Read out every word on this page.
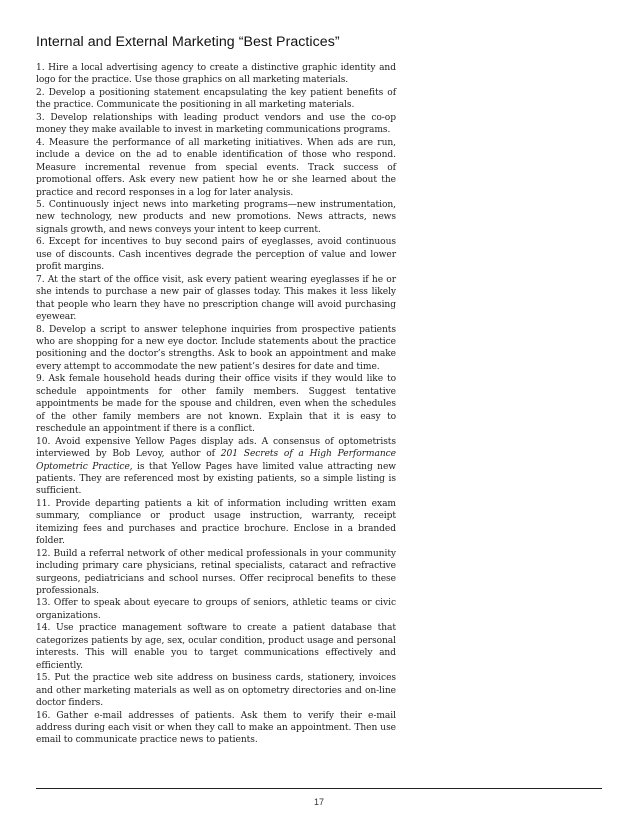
Internal and External Marketing “Best Practices”

1. Hire a local advertising agency to create a distinctive graphic identity and logo for the practice. Use those graphics on all marketing materials.

2. Develop a positioning statement encapsulating the key patient benefits of the practice. Communicate the positioning in all marketing materials.

3. Develop relationships with leading product vendors and use the co-op money they make available to invest in marketing communications programs.

4. Measure the performance of all marketing initiatives. When ads are run, include a device on the ad to enable identification of those who respond. Measure incremental revenue from special events. Track success of promotional offers. Ask every new patient how he or she learned about the practice and record responses in a log for later analysis.

5. Continuously inject news into marketing programs—new instrumentation, new technology, new products and new promotions. News attracts, news signals growth, and news conveys your intent to keep current.

6. Except for incentives to buy second pairs of eyeglasses, avoid continuous use of discounts. Cash incentives degrade the perception of value and lower profit margins.

7. At the start of the office visit, ask every patient wearing eyeglasses if he or she intends to purchase a new pair of glasses today. This makes it less likely that people who learn they have no prescription change will avoid purchasing eyewear.

8. Develop a script to answer telephone inquiries from prospective patients who are shopping for a new eye doctor. Include statements about the practice positioning and the doctor’s strengths. Ask to book an appointment and make every attempt to accommodate the new patient’s desires for date and time.

9. Ask female household heads during their office visits if they would like to schedule appointments for other family members. Suggest tentative appointments be made for the spouse and children, even when the schedules of the other family members are not known. Explain that it is easy to reschedule an appointment if there is a conflict.

10. Avoid expensive Yellow Pages display ads. A consensus of optometrists interviewed by Bob Levoy, author of 201 Secrets of a High Performance Optometric Practice, is that Yellow Pages have limited value attracting new patients. They are referenced most by existing patients, so a simple listing is sufficient.

11. Provide departing patients a kit of information including written exam summary, compliance or product usage instruction, warranty, receipt itemizing fees and purchases and practice brochure. Enclose in a branded folder.

12. Build a referral network of other medical professionals in your community including primary care physicians, retinal specialists, cataract and refractive surgeons, pediatricians and school nurses. Offer reciprocal benefits to these professionals.

13. Offer to speak about eyecare to groups of seniors, athletic teams or civic organizations.

14. Use practice management software to create a patient database that categorizes patients by age, sex, ocular condition, product usage and personal interests. This will enable you to target communications effectively and efficiently.

15. Put the practice web site address on business cards, stationery, invoices and other marketing materials as well as on optometry directories and on-line doctor finders.

16. Gather e-mail addresses of patients. Ask them to verify their e-mail address during each visit or when they call to make an appointment. Then use email to communicate practice news to patients.

17
